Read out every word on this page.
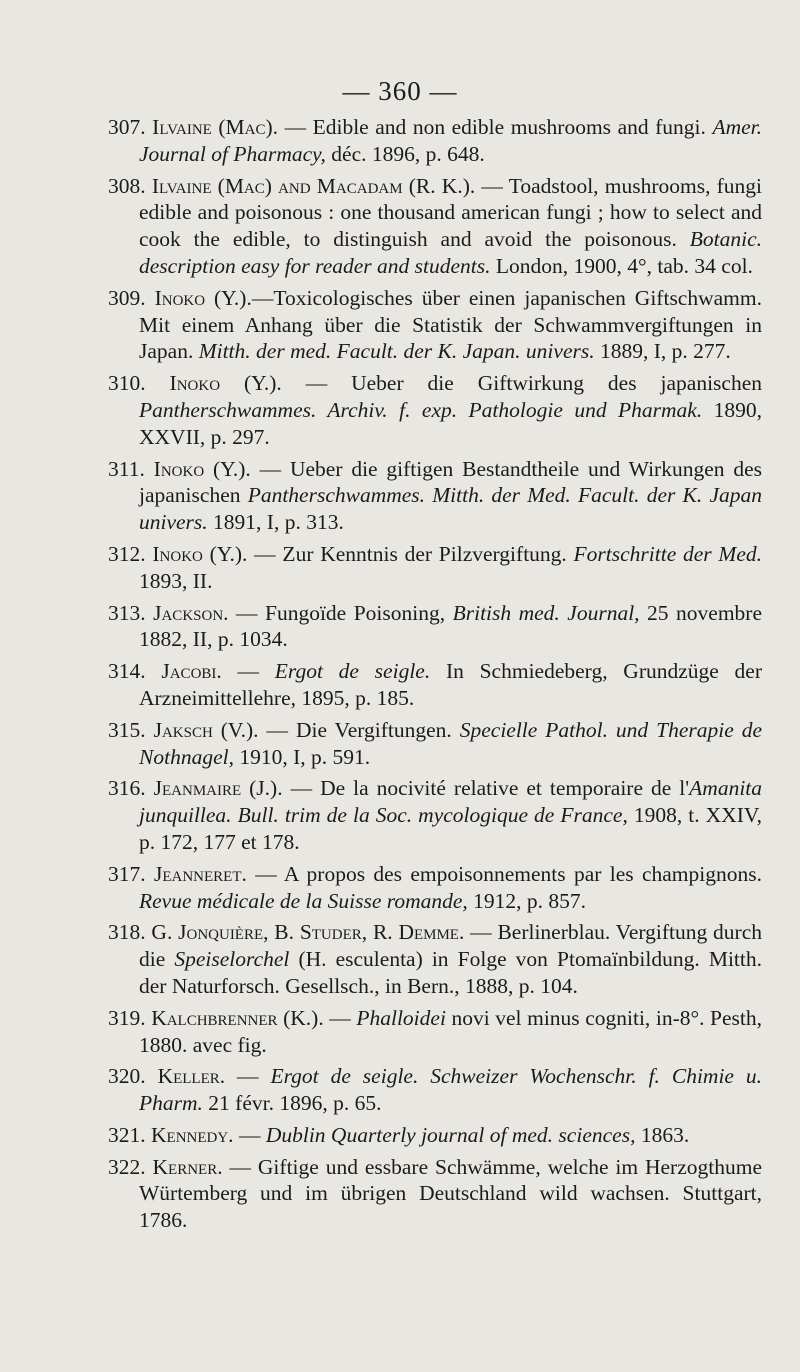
— 360 —

307. Ilvaine (Mac). — Edible and non edible mushrooms and fungi. Amer. Journal of Pharmacy, déc. 1896, p. 648.

308. Ilvaine (Mac) and Macadam (R. K.). — Toadstool, mushrooms, fungi edible and poisonous : one thousand american fungi ; how to select and cook the edible, to distinguish and avoid the poisonous. Botanic. description easy for reader and students. London, 1900, 4°, tab. 34 col.

309. Inoko (Y.).—Toxicologisches über einen japanischen Giftschwamm. Mit einem Anhang über die Statistik der Schwammvergiftungen in Japan. Mitth. der med. Facult. der K. Japan. univers. 1889, I, p. 277.

310. Inoko (Y.). — Ueber die Giftwirkung des japanischen Pantherschwammes. Archiv. f. exp. Pathologie und Pharmak. 1890, XXVII, p. 297.

311. Inoko (Y.). — Ueber die giftigen Bestandtheile und Wirkungen des japanischen Pantherschwammes. Mitth. der Med. Facult. der K. Japan univers. 1891, I, p. 313.

312. Inoko (Y.). — Zur Kenntnis der Pilzvergiftung. Fortschritte der Med. 1893, II.

313. Jackson. — Fungoïde Poisoning, British med. Journal, 25 novembre 1882, II, p. 1034.

314. Jacobi. — Ergot de seigle. In Schmiedeberg, Grundzüge der Arzneimittellehre, 1895, p. 185.

315. Jaksch (V.). — Die Vergiftungen. Specielle Pathol. und Therapie de Nothnagel, 1910, I, p. 591.

316. Jeanmaire (J.). — De la nocivité relative et temporaire de l'Amanita junquillea. Bull. trim de la Soc. mycologique de France, 1908, t. XXIV, p. 172, 177 et 178.

317. Jeanneret. — A propos des empoisonnements par les champignons. Revue médicale de la Suisse romande, 1912, p. 857.

318. G. Jonquière, B. Studer, R. Demme. — Berlinerblau. Vergiftung durch die Speiselorchel (H. esculenta) in Folge von Ptomaïnbildung. Mitth. der Naturforsch. Gesellsch., in Bern., 1888, p. 104.

319. Kalchbrenner (K.). — Phalloidei novi vel minus cogniti, in-8°. Pesth, 1880. avec fig.

320. Keller. — Ergot de seigle. Schweizer Wochenschr. f. Chimie u. Pharm. 21 févr. 1896, p. 65.

321. Kennedy. — Dublin Quarterly journal of med. sciences, 1863.

322. Kerner. — Giftige und essbare Schwämme, welche im Herzogthume Würtemberg und im übrigen Deutschland wild wachsen. Stuttgart, 1786.
